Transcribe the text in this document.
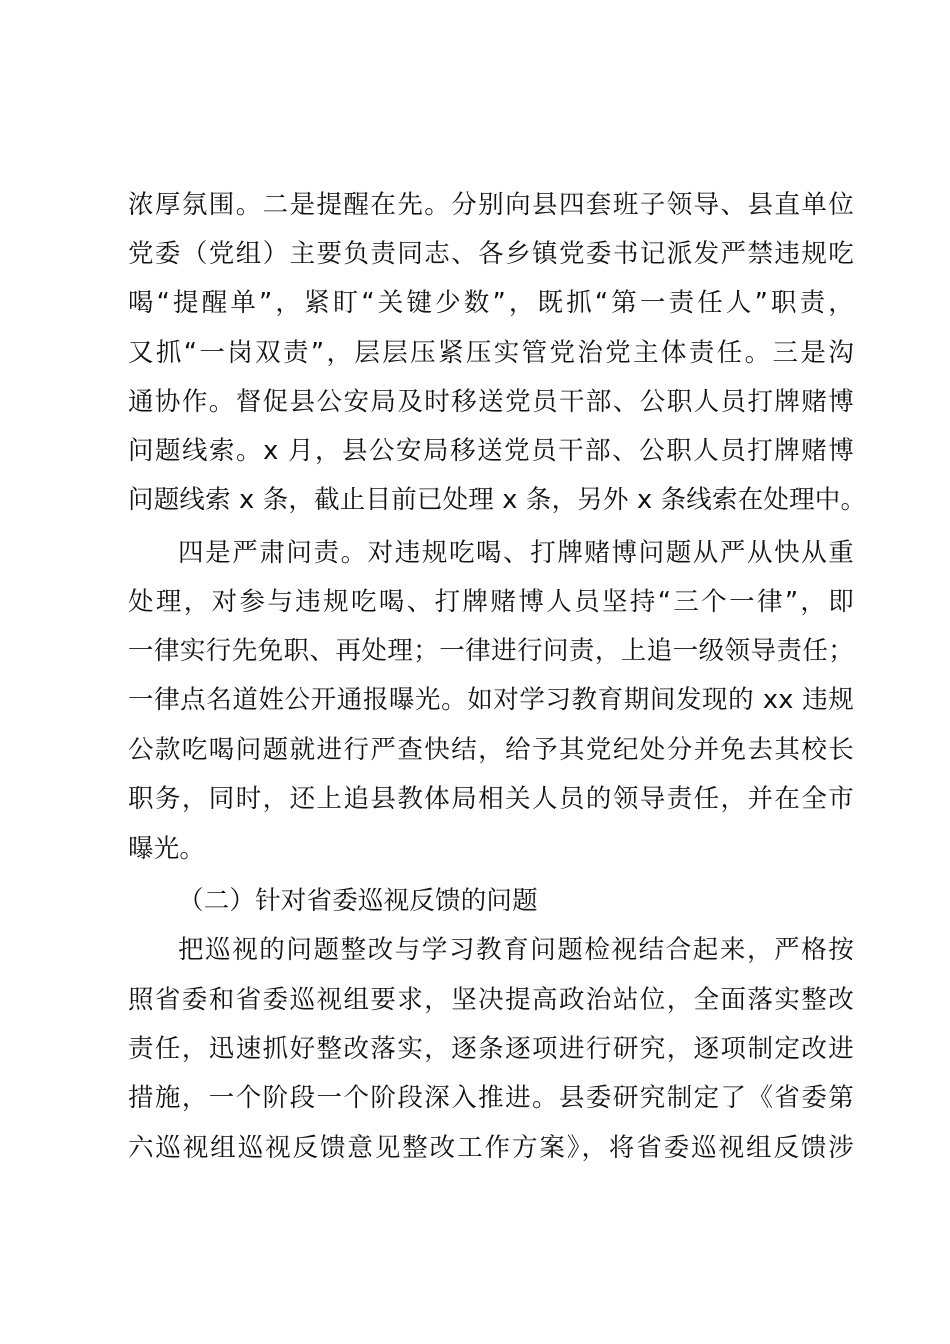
浓厚氛围。二是提醒在先。分别向县四套班子领导、县直单位
党委（党组）主要负责同志、各乡镇党委书记派发严禁违规吃
喝“提醒单”，紧盯“关键少数”，既抓“第一责任人”职责，
又抓“一岗双责”，层层压紧压实管党治党主体责任。三是沟
通协作。督促县公安局及时移送党员干部、公职人员打牌赌博
问题线索。x 月，县公安局移送党员干部、公职人员打牌赌博
问题线索 x 条，截止目前已处理 x 条，另外 x 条线索在处理中。
四是严肃问责。对违规吃喝、打牌赌博问题从严从快从重
处理，对参与违规吃喝、打牌赌博人员坚持“三个一律”，即
一律实行先免职、再处理；一律进行问责，上追一级领导责任；
一律点名道姓公开通报曝光。如对学习教育期间发现的 xx 违规
公款吃喝问题就进行严查快结，给予其党纪处分并免去其校长
职务，同时，还上追县教体局相关人员的领导责任，并在全市
曝光。
（二）针对省委巡视反馈的问题
把巡视的问题整改与学习教育问题检视结合起来，严格按
照省委和省委巡视组要求，坚决提高政治站位，全面落实整改
责任，迅速抓好整改落实，逐条逐项进行研究，逐项制定改进
措施，一个阶段一个阶段深入推进。县委研究制定了《省委第
六巡视组巡视反馈意见整改工作方案》，将省委巡视组反馈涉
